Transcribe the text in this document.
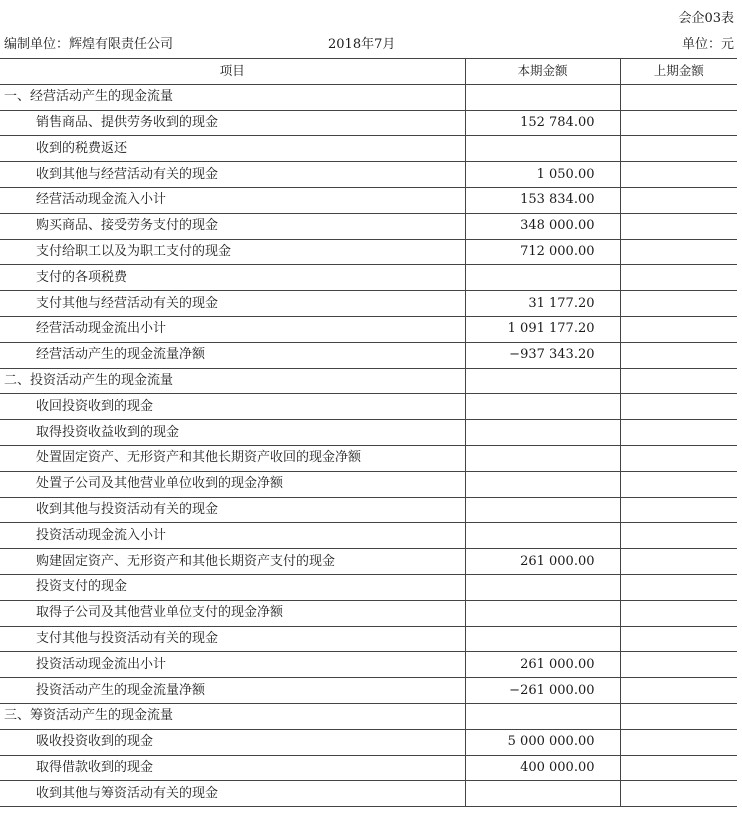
会企03表
编制单位：辉煌有限责任公司	2018年7月	单位：元
项目	本期金额	上期金额
一、经营活动产生的现金流量		
销售商品、提供劳务收到的现金	152 784.00	
收到的税费返还		
收到其他与经营活动有关的现金	1 050.00	
经营活动现金流入小计	153 834.00	
购买商品、接受劳务支付的现金	348 000.00	
支付给职工以及为职工支付的现金	712 000.00	
支付的各项税费		
支付其他与经营活动有关的现金	31 177.20	
经营活动现金流出小计	1 091 177.20	
经营活动产生的现金流量净额	−937 343.20	
二、投资活动产生的现金流量		
收回投资收到的现金		
取得投资收益收到的现金		
处置固定资产、无形资产和其他长期资产收回的现金净额		
处置子公司及其他营业单位收到的现金净额		
收到其他与投资活动有关的现金		
投资活动现金流入小计		
购建固定资产、无形资产和其他长期资产支付的现金	261 000.00	
投资支付的现金		
取得子公司及其他营业单位支付的现金净额		
支付其他与投资活动有关的现金		
投资活动现金流出小计	261 000.00	
投资活动产生的现金流量净额	−261 000.00	
三、筹资活动产生的现金流量		
吸收投资收到的现金	5 000 000.00	
取得借款收到的现金	400 000.00	
收到其他与筹资活动有关的现金		
